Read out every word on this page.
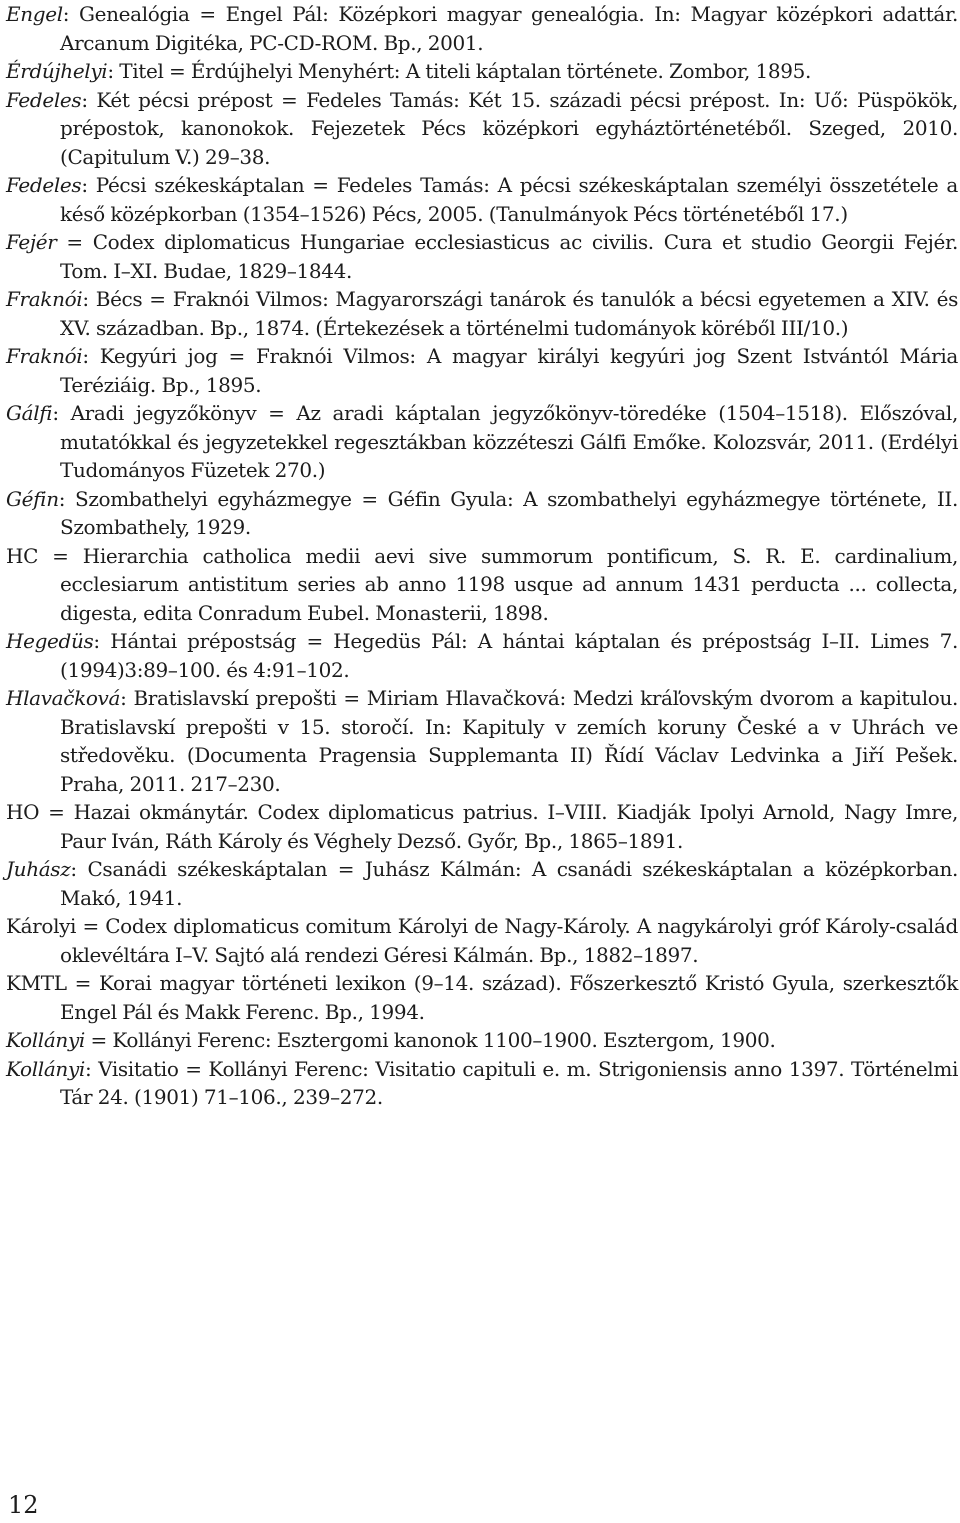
Engel: Genealógia = Engel Pál: Középkori magyar genealógia. In: Magyar középkori adattár. Arcanum Digitéka, PC-CD-ROM. Bp., 2001.

Érdújhelyi: Titel = Érdújhelyi Menyhért: A titeli káptalan története. Zombor, 1895.

Fedeles: Két pécsi prépost = Fedeles Tamás: Két 15. századi pécsi prépost. In: Uő: Püspökök, prépostok, kanonokok. Fejezetek Pécs középkori egyháztörténetéből. Szeged, 2010. (Capitulum V.) 29–38.

Fedeles: Pécsi székeskáptalan = Fedeles Tamás: A pécsi székeskáptalan személyi összetétele a késő középkorban (1354–1526) Pécs, 2005. (Tanulmányok Pécs történetéből 17.)

Fejér = Codex diplomaticus Hungariae ecclesiasticus ac civilis. Cura et studio Georgii Fejér. Tom. I–XI. Budae, 1829–1844.

Fraknói: Bécs = Fraknói Vilmos: Magyarországi tanárok és tanulók a bécsi egyetemen a XIV. és XV. században. Bp., 1874. (Értekezések a történelmi tudományok köréből III/10.)

Fraknói: Kegyúri jog = Fraknói Vilmos: A magyar királyi kegyúri jog Szent Istvántól Mária Teréziáig. Bp., 1895.

Gálfi: Aradi jegyzőkönyv = Az aradi káptalan jegyzőkönyv-töredéke (1504–1518). Előszóval, mutatókkal és jegyzetekkel regesztákban közzéteszi Gálfi Emőke. Kolozsvár, 2011. (Erdélyi Tudományos Füzetek 270.)

Géfin: Szombathelyi egyházmegye = Géfin Gyula: A szombathelyi egyházmegye története, II. Szombathely, 1929.

HC = Hierarchia catholica medii aevi sive summorum pontificum, S. R. E. cardinalium, ecclesiarum antistitum series ab anno 1198 usque ad annum 1431 perducta ... collecta, digesta, edita Conradum Eubel. Monasterii, 1898.

Hegedüs: Hántai prépostság = Hegedüs Pál: A hántai káptalan és prépostság I–II. Limes 7. (1994)3:89–100. és 4:91–102.

Hlavačková: Bratislavskí prepošti = Miriam Hlavačková: Medzi kráľovským dvorom a kapitulou. Bratislavskí prepošti v 15. storočí. In: Kapituly v zemích koruny České a v Uhrách ve středověku. (Documenta Pragensia Supplemanta II) Řídí Václav Ledvinka a Jiří Pešek. Praha, 2011. 217–230.

HO = Hazai okmánytár. Codex diplomaticus patrius. I–VIII. Kiadják Ipolyi Arnold, Nagy Imre, Paur Iván, Ráth Károly és Véghely Dezső. Győr, Bp., 1865–1891.

Juhász: Csanádi székeskáptalan = Juhász Kálmán: A csanádi székeskáptalan a középkorban. Makó, 1941.

Károlyi = Codex diplomaticus comitum Károlyi de Nagy-Károly. A nagykárolyi gróf Károly-család oklevéltára I–V. Sajtó alá rendezi Géresi Kálmán. Bp., 1882–1897.

KMTL = Korai magyar történeti lexikon (9–14. század). Főszerkesztő Kristó Gyula, szerkesztők Engel Pál és Makk Ferenc. Bp., 1994.

Kollányi = Kollányi Ferenc: Esztergomi kanonok 1100–1900. Esztergom, 1900.

Kollányi: Visitatio = Kollányi Ferenc: Visitatio capituli e. m. Strigoniensis anno 1397. Történelmi Tár 24. (1901) 71–106., 239–272.

12
